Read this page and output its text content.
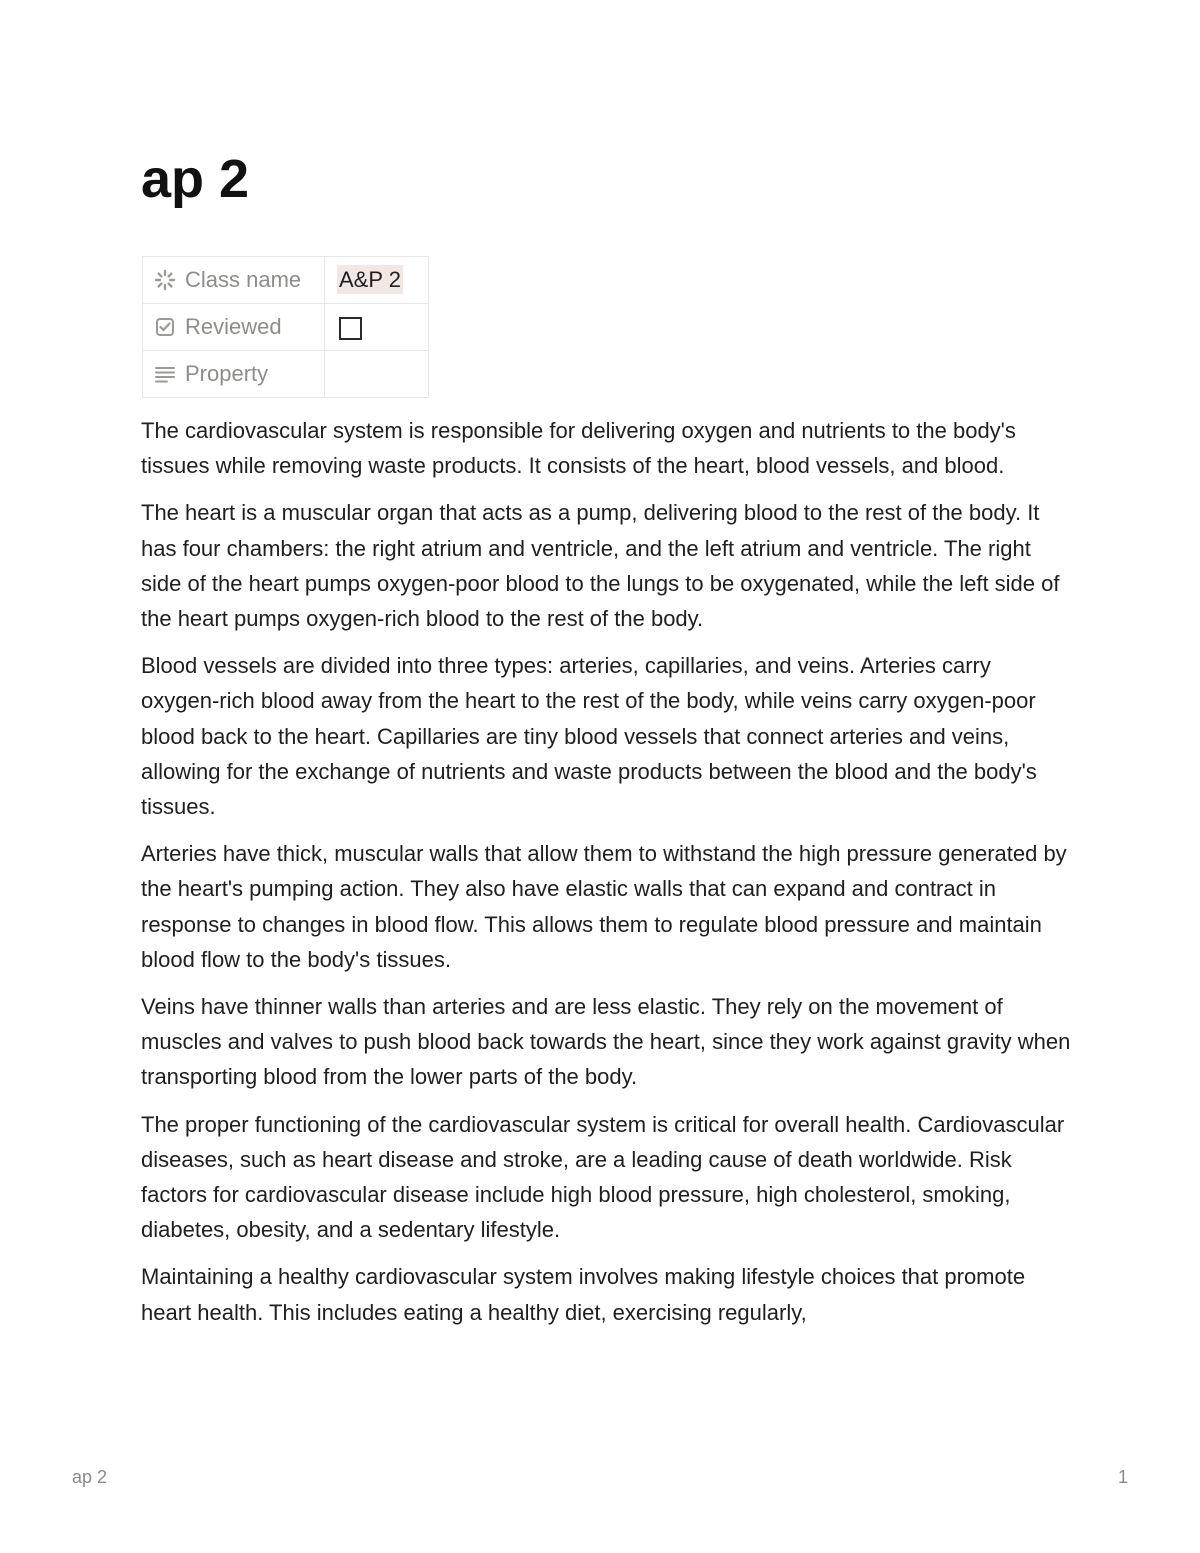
ap 2
Class name	A&P 2
Reviewed	
Property	

The cardiovascular system is responsible for delivering oxygen and nutrients to the body's tissues while removing waste products. It consists of the heart, blood vessels, and blood.

The heart is a muscular organ that acts as a pump, delivering blood to the rest of the body. It has four chambers: the right atrium and ventricle, and the left atrium and ventricle. The right side of the heart pumps oxygen-poor blood to the lungs to be oxygenated, while the left side of the heart pumps oxygen-rich blood to the rest of the body.

Blood vessels are divided into three types: arteries, capillaries, and veins. Arteries carry oxygen-rich blood away from the heart to the rest of the body, while veins carry oxygen-poor blood back to the heart. Capillaries are tiny blood vessels that connect arteries and veins, allowing for the exchange of nutrients and waste products between the blood and the body's tissues.

Arteries have thick, muscular walls that allow them to withstand the high pressure generated by the heart's pumping action. They also have elastic walls that can expand and contract in response to changes in blood flow. This allows them to regulate blood pressure and maintain blood flow to the body's tissues.

Veins have thinner walls than arteries and are less elastic. They rely on the movement of muscles and valves to push blood back towards the heart, since they work against gravity when transporting blood from the lower parts of the body.

The proper functioning of the cardiovascular system is critical for overall health. Cardiovascular diseases, such as heart disease and stroke, are a leading cause of death worldwide. Risk factors for cardiovascular disease include high blood pressure, high cholesterol, smoking, diabetes, obesity, and a sedentary lifestyle.

Maintaining a healthy cardiovascular system involves making lifestyle choices that promote heart health. This includes eating a healthy diet, exercising regularly,

ap 2	1
